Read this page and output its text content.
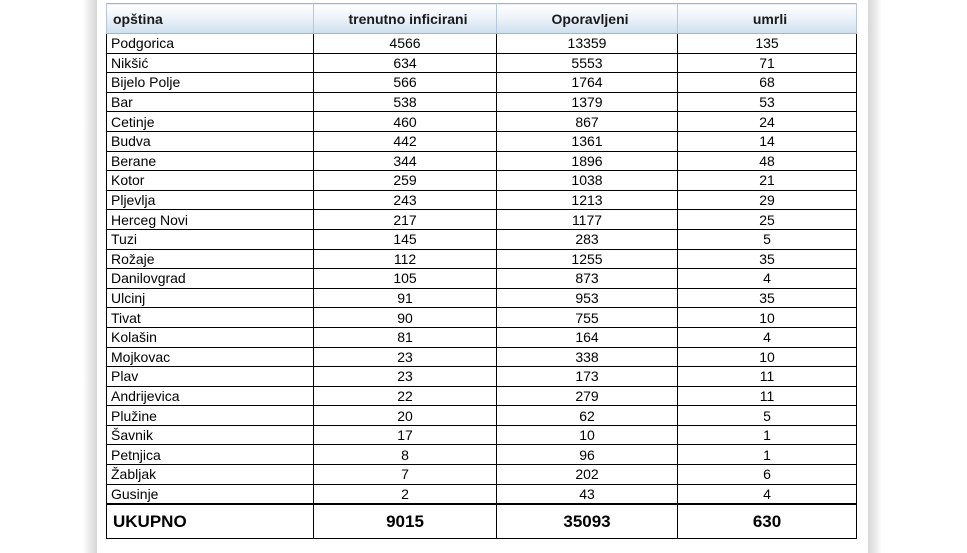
opština	trenutno inficirani	Oporavljeni	umrli
Podgorica	4566	13359	135
Nikšić	634	5553	71
Bijelo Polje	566	1764	68
Bar	538	1379	53
Cetinje	460	867	24
Budva	442	1361	14
Berane	344	1896	48
Kotor	259	1038	21
Pljevlja	243	1213	29
Herceg Novi	217	1177	25
Tuzi	145	283	5
Rožaje	112	1255	35
Danilovgrad	105	873	4
Ulcinj	91	953	35
Tivat	90	755	10
Kolašin	81	164	4
Mojkovac	23	338	10
Plav	23	173	11
Andrijevica	22	279	11
Plužine	20	62	5
Šavnik	17	10	1
Petnjica	8	96	1
Žabljak	7	202	6
Gusinje	2	43	4
UKUPNO	9015	35093	630
